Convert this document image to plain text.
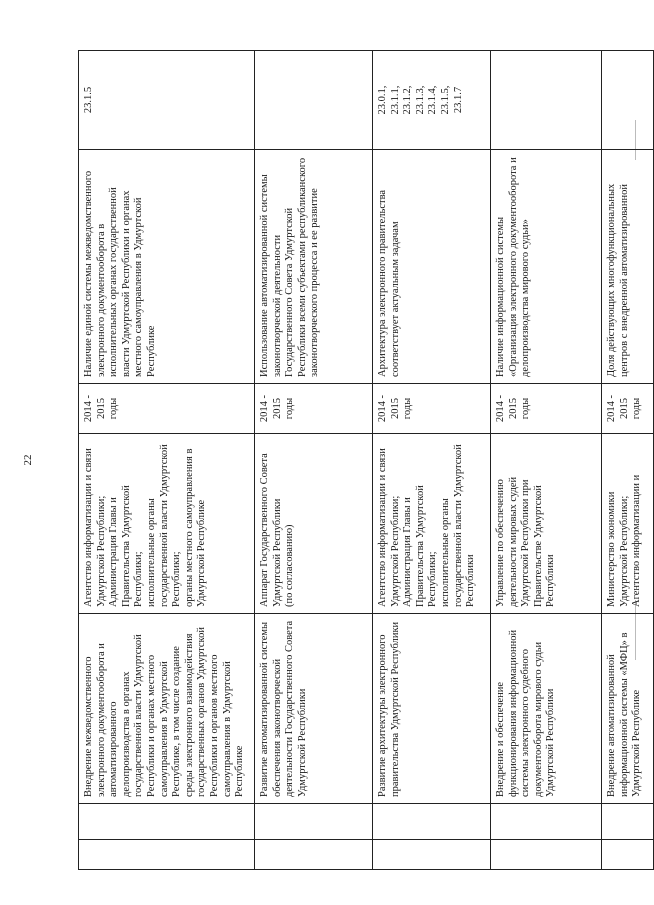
22
Внедрение межведомственного электронного документооборота и автоматизированного делопроизводства в органах государственной власти Удмуртской Республики и органах местного самоуправления в Удмуртской Республике, в том числе создание среды электронного взаимодействия государственных органов Удмуртской Республики и органов местного самоуправления в Удмуртской Республике
Агентство информатизации и связи Удмуртской Республики;
Администрация Главы и Правительства Удмуртской Республики;
исполнительные органы государственной власти Удмуртской Республики;
органы местного самоуправления в Удмуртской Республике
2014 -
2015
годы
Наличие единой системы межведомственного электронного документооборота в исполнительных органах государственной власти Удмуртской Республики и органах местного самоуправления в Удмуртской Республике
23.1.5
Развитие автоматизированной системы обеспечения законотворческой деятельности Государственного Совета Удмуртской Республики
Аппарат Государственного Совета Удмуртской Республики
(по согласованию)
2014 -
2015
годы
Использование автоматизированной системы законотворческой деятельности Государственного Совета Удмуртской Республики всеми субъектами республиканского законотворческого процесса и ее развитие
Развитие архитектуры электронного правительства Удмуртской Республики
Агентство информатизации и связи Удмуртской Республики;
Администрация Главы и Правительства Удмуртской Республики;
исполнительные органы государственной власти Удмуртской Республики
2014 -
2015
годы
Архитектура электронного правительства соответствует актуальным задачам
23.0.1,
23.1.1,
23.1.2,
23.1.3,
23.1.4,
23.1.5,
23.1.7
Внедрение и обеспечение функционирования информационной системы электронного судебного документооборота мирового судьи Удмуртской Республики
Управление по обеспечению деятельности мировых судей Удмуртской Республики при Правительстве Удмуртской Республики
2014 -
2015
годы
Наличие информационной системы «Организация электронного документооборота и делопроизводства мирового судьи»
Внедрение автоматизированной информационной системы «МФЦ» в Удмуртской Республике
Министерство экономики Удмуртской Республики;
Агентство информатизации и
2014 -
2015
годы
Доля действующих многофункциональных центров с внедренной автоматизированной
